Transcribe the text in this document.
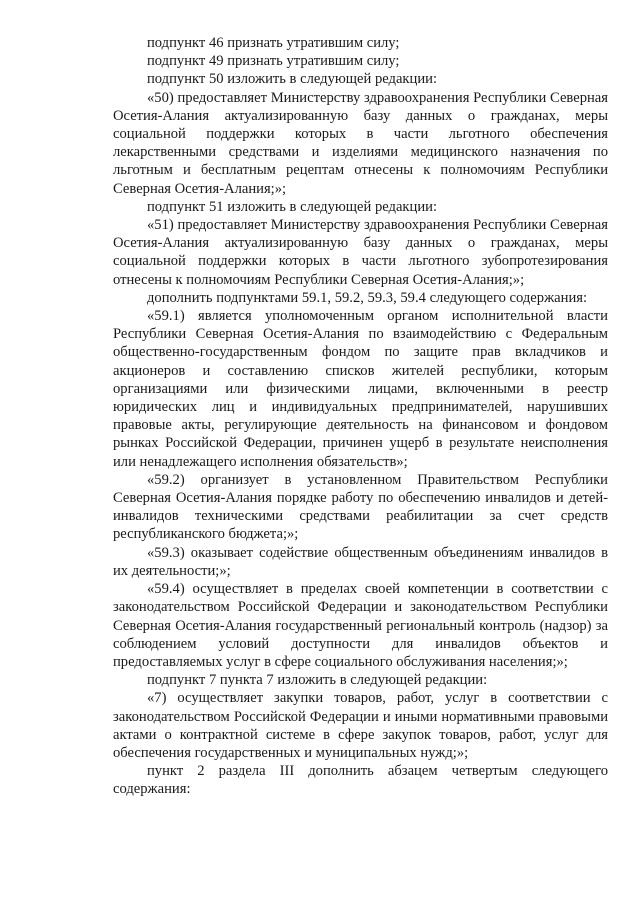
подпункт 46 признать утратившим силу;

подпункт 49 признать утратившим силу;

подпункт 50 изложить в следующей редакции:

«50) предоставляет Министерству здравоохранения Республики Северная Осетия-Алания актуализированную базу данных о гражданах, меры социальной поддержки которых в части льготного обеспечения лекарственными средствами и изделиями медицинского назначения по льготным и бесплатным рецептам отнесены к полномочиям Республики Северная Осетия-Алания;»;

подпункт 51 изложить в следующей редакции:

«51) предоставляет Министерству здравоохранения Республики Северная Осетия-Алания актуализированную базу данных о гражданах, меры социальной поддержки которых в части льготного зубопротезирования отнесены к полномочиям Республики Северная Осетия-Алания;»;

дополнить подпунктами 59.1, 59.2, 59.3, 59.4 следующего содержания:

«59.1) является уполномоченным органом исполнительной власти Республики Северная Осетия-Алания по взаимодействию с Федеральным общественно-государственным фондом по защите прав вкладчиков и акционеров и составлению списков жителей республики, которым организациями или физическими лицами, включенными в реестр юридических лиц и индивидуальных предпринимателей, нарушивших правовые акты, регулирующие деятельность на финансовом и фондовом рынках Российской Федерации, причинен ущерб в результате неисполнения или ненадлежащего исполнения обязательств»;

«59.2) организует в установленном Правительством Республики Северная Осетия-Алания порядке работу по обеспечению инвалидов и детей-инвалидов техническими средствами реабилитации за счет средств республиканского бюджета;»;

«59.3) оказывает содействие общественным объединениям инвалидов в их деятельности;»;

«59.4) осуществляет в пределах своей компетенции в соответствии с законодательством Российской Федерации и законодательством Республики Северная Осетия-Алания государственный региональный контроль (надзор) за соблюдением условий доступности для инвалидов объектов и предоставляемых услуг в сфере социального обслуживания населения;»;

подпункт 7 пункта 7 изложить в следующей редакции:

«7) осуществляет закупки товаров, работ, услуг в соответствии с законодательством Российской Федерации и иными нормативными правовыми актами о контрактной системе в сфере закупок товаров, работ, услуг для обеспечения государственных и муниципальных нужд;»;

пункт 2 раздела III дополнить абзацем четвертым следующего содержания:
